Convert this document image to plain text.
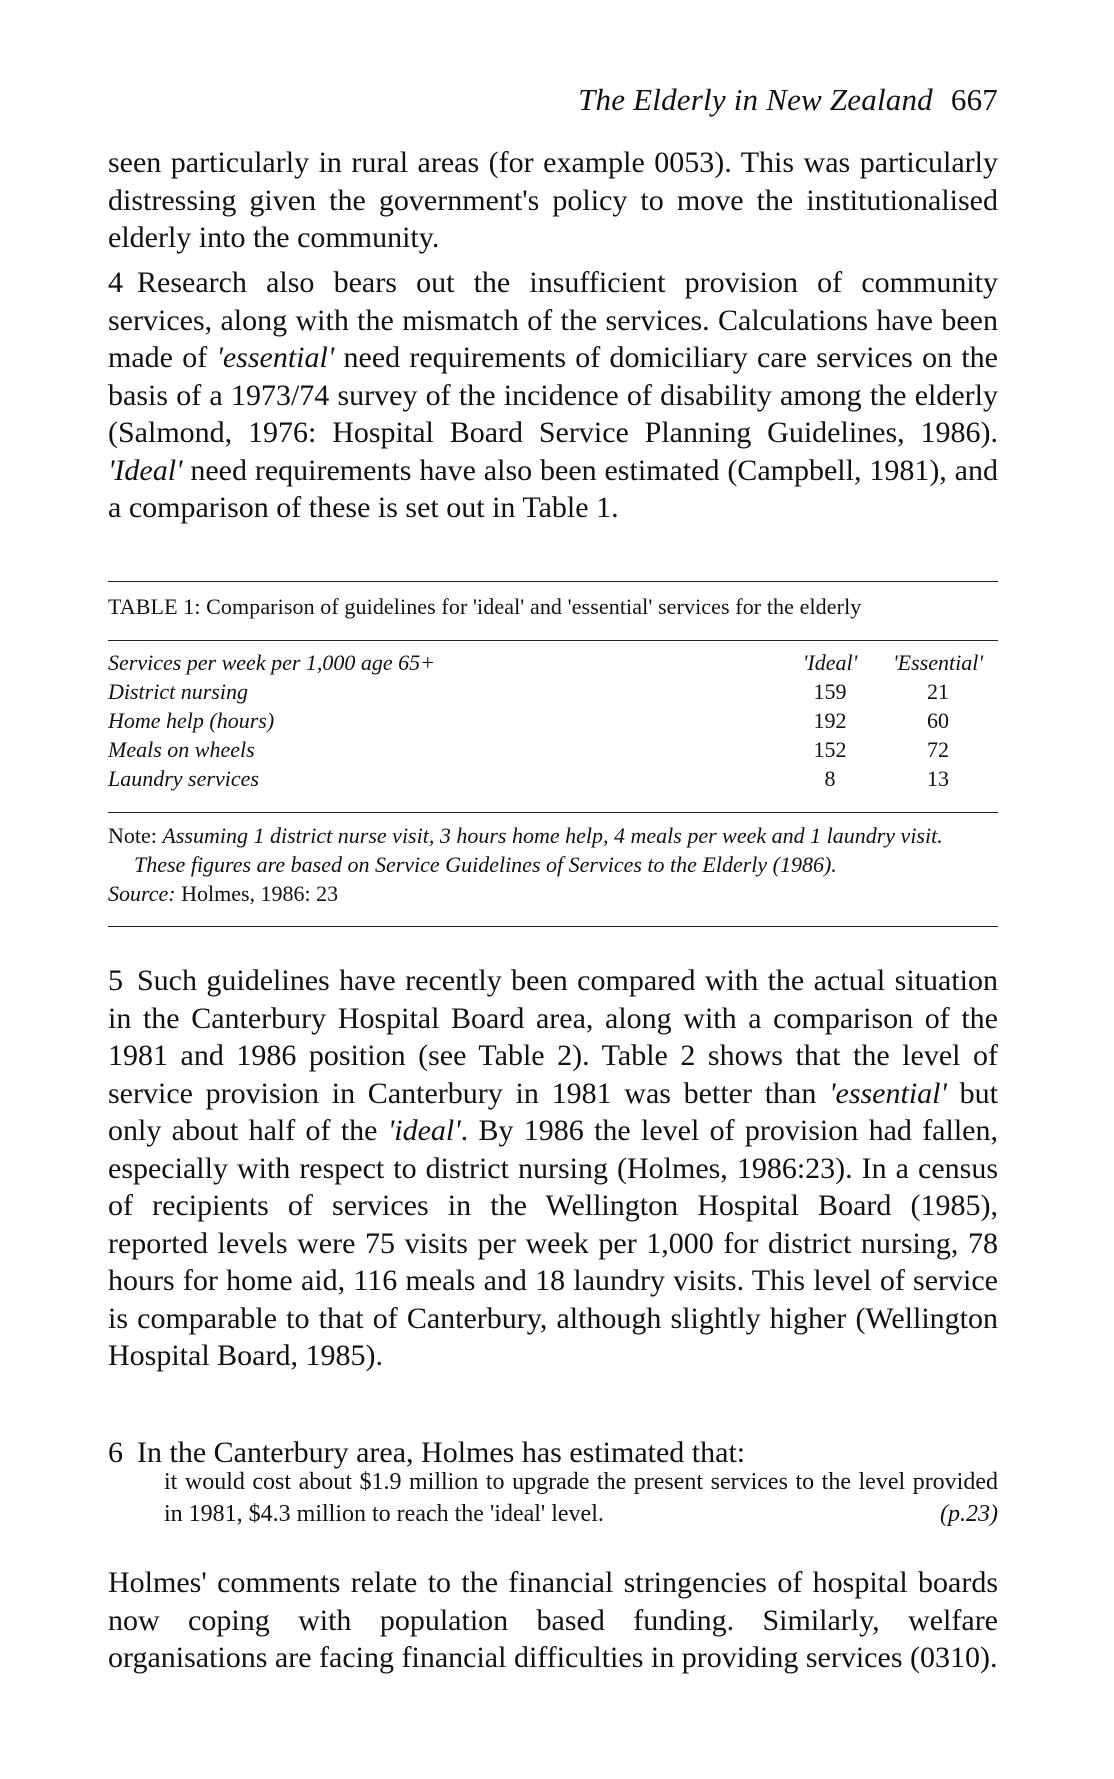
The Elderly in New Zealand 667

seen particularly in rural areas (for example 0053). This was particularly distressing given the government's policy to move the institutionalised elderly into the community.

4 Research also bears out the insufficient provision of community services, along with the mismatch of the services. Calculations have been made of 'essential' need requirements of domiciliary care services on the basis of a 1973/74 survey of the incidence of disability among the elderly (Salmond, 1976: Hospital Board Service Planning Guidelines, 1986). 'Ideal' need requirements have also been estimated (Campbell, 1981), and a comparison of these is set out in Table 1.

TABLE 1: Comparison of guidelines for 'ideal' and 'essential' services for the elderly
Services per week per 1,000 age 65+	'Ideal'	'Essential'
District nursing	159	21
Home help (hours)	192	60
Meals on wheels	152	72
Laundry services	8	13
Note: Assuming 1 district nurse visit, 3 hours home help, 4 meals per week and 1 laundry visit.
These figures are based on Service Guidelines of Services to the Elderly (1986).
Source: Holmes, 1986: 23

5 Such guidelines have recently been compared with the actual situation in the Canterbury Hospital Board area, along with a comparison of the 1981 and 1986 position (see Table 2). Table 2 shows that the level of service provision in Canterbury in 1981 was better than 'essential' but only about half of the 'ideal'. By 1986 the level of provision had fallen, especially with respect to district nursing (Holmes, 1986:23). In a census of recipients of services in the Wellington Hospital Board (1985), reported levels were 75 visits per week per 1,000 for district nursing, 78 hours for home aid, 116 meals and 18 laundry visits. This level of service is comparable to that of Canterbury, although slightly higher (Wellington Hospital Board, 1985).

6 In the Canterbury area, Holmes has estimated that:

it would cost about $1.9 million to upgrade the present services to the level provided in 1981, $4.3 million to reach the 'ideal' level.	(p.23)

Holmes' comments relate to the financial stringencies of hospital boards now coping with population based funding. Similarly, welfare organisations are facing financial difficulties in providing services (0310).
